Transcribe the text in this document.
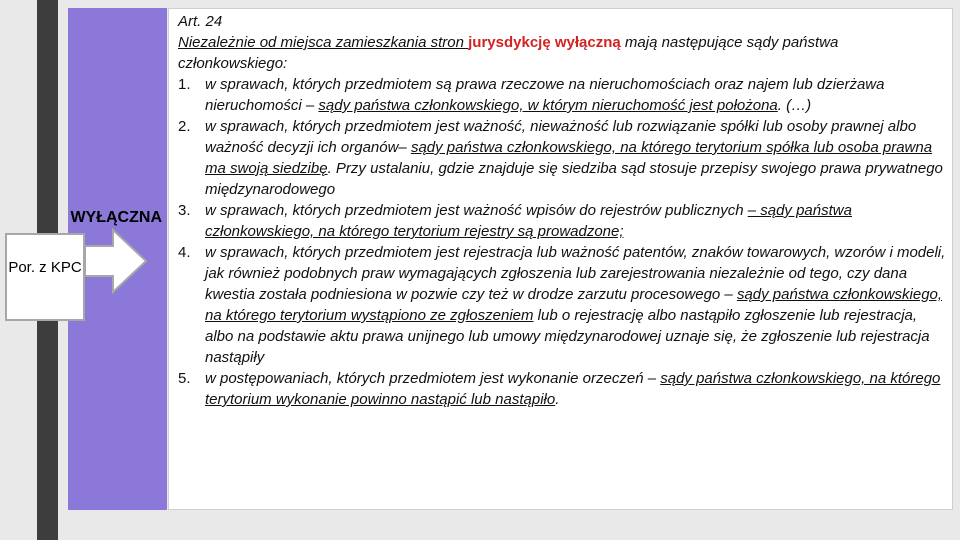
WYŁĄCZNA
Por. z KPC

Art. 24

Niezależnie od miejsca zamieszkania stron jurysdykcję wyłączną mają następujące sądy państwa członkowskiego:

1. w sprawach, których przedmiotem są prawa rzeczowe na nieruchomościach oraz najem lub dzierżawa nieruchomości – sądy państwa członkowskiego, w którym nieruchomość jest położona. (…)
2. w sprawach, których przedmiotem jest ważność, nieważność lub rozwiązanie spółki lub osoby prawnej albo ważność decyzji ich organów– sądy państwa członkowskiego, na którego terytorium spółka lub osoba prawna ma swoją siedzibę. Przy ustalaniu, gdzie znajduje się siedziba sąd stosuje przepisy swojego prawa prywatnego międzynarodowego
3. w sprawach, których przedmiotem jest ważność wpisów do rejestrów publicznych – sądy państwa członkowskiego, na którego terytorium rejestry są prowadzone;
4. w sprawach, których przedmiotem jest rejestracja lub ważność patentów, znaków towarowych, wzorów i modeli, jak również podobnych praw wymagających zgłoszenia lub zarejestrowania niezależnie od tego, czy dana kwestia została podniesiona w pozwie czy też w drodze zarzutu procesowego – sądy państwa członkowskiego, na którego terytorium wystąpiono ze zgłoszeniem lub o rejestrację albo nastąpiło zgłoszenie lub rejestracja, albo na podstawie aktu prawa unijnego lub umowy międzynarodowej uznaje się, że zgłoszenie lub rejestracja nastąpiły
5. w postępowaniach, których przedmiotem jest wykonanie orzeczeń – sądy państwa członkowskiego, na którego terytorium wykonanie powinno nastąpić lub nastąpiło.
